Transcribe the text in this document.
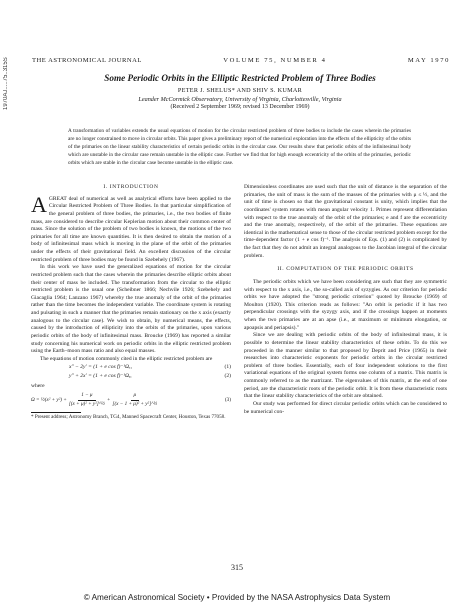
1970AJ.....75..315S	THE ASTRONOMICAL JOURNAL	VOLUME 75, NUMBER 4	MAY 1970
Some Periodic Orbits in the Elliptic Restricted Problem of Three Bodies
PETER J. SHELUS* AND SHIV S. KUMAR
Leander McCormick Observatory, University of Virginia, Charlottesville, Virginia
(Received 2 September 1969; revised 13 December 1969)
A transformation of variables extends the usual equations of motion for the circular restricted problem of three bodies to include the cases wherein the primaries are no longer constrained to move in circular orbits. This paper gives a preliminary report of the numerical exploration into the effects of the ellipticity of the orbits of the primaries on the linear stability characteristics of certain periodic orbits in the circular case. Our results show that periodic orbits of the infinitesimal body which are unstable in the circular case remain unstable in the elliptic case. Further we find that for high enough eccentricity of the orbits of the primaries, periodic orbits which are stable in the circular case become unstable in the elliptic case.
I. INTRODUCTION

AGREAT deal of numerical as well as analytical efforts have been applied to the Circular Restricted Problem of Three Bodies. In that particular simplification of the general problem of three bodies, the primaries, i.e., the two bodies of finite mass, are considered to describe circular Keplerian motion about their common center of mass. Since the solution of the problem of two bodies is known, the motions of the two primaries for all time are known quantities. It is then desired to obtain the motion of a body of infinitesimal mass which is moving in the plane of the orbit of the primaries under the effects of their gravitational field. An excellent discussion of the circular restricted problem of three bodies may be found in Szebehely (1967).

In this work we have used the generalized equations of motion for the circular restricted problem such that the cases wherein the primaries describe elliptic orbits about their center of mass be included. The transformation from the circular to the elliptic restricted problem is the usual one (Scheibner 1866; Nechvile 1926; Szebehely and Giacaglia 1964; Lanzano 1967) whereby the true anomaly of the orbit of the primaries rather than the time becomes the independent variable. The coordinate system is rotating and pulsating in such a manner that the primaries remain stationary on the x axis (exactly analogous to the circular case). We wish to obtain, by numerical means, the effects, caused by the introduction of ellipticity into the orbits of the primaries, upon various periodic orbits of the body of infinitesimal mass. Broucke (1969) has reported a similar study concerning his numerical work on periodic orbits in the elliptic restricted problem using the Earth–moon mass ratio and also equal masses.

The equations of motion commonly cited in the elliptic restricted problem are

x″ − 2y′ = (1 + e cos f)⁻¹Ωₓ,	(1)
y″ + 2x′ = (1 + e cos f)⁻¹Ωᵧ,	(2)

where

Ω = ½(x² + $y^2) + \frac{1 - \mu}{\text{[(x + μ)² + y²]\textasciicircum{}½}} + \frac{\mu}{\text{[(x − 1 + μ)² + y²]\textasciicircum{}½}}$	(3)

* Present address; Astronomy Branch, TG4, Manned Spacecraft Center, Houston, Texas 77058.

Dimensionless coordinates are used such that the unit of distance is the separation of the primaries, the unit of mass is the sum of the masses of the primaries with μ ≤ ½, and the unit of time is chosen so that the gravitational constant is unity, which implies that the coordinates' system rotates with mean angular velocity 1. Primes represent differentiation with respect to the true anomaly of the orbit of the primaries; e and f are the eccentricity and the true anomaly, respectively, of the orbit of the primaries. These equations are identical in the mathematical sense to those of the circular restricted problem except for the time-dependent factor (1 + e cos f)⁻¹. The analysis of Eqs. (1) and (2) is complicated by the fact that they do not admit an integral analogous to the Jacobian integral of the circular problem.

II. COMPUTATION OF THE PERIODIC ORBITS

The periodic orbits which we have been considering are such that they are symmetric with respect to the x axis, i.e., the so-called axis of syzygies. As our criterion for periodic orbits we have adopted the "strong periodic criterion" quoted by Broucke (1969) of Moulton (1920). This criterion reads as follows: "An orbit is periodic if it has two perpendicular crossings with the syzygy axis, and if the crossings happen at moments when the two primaries are at an apse (i.e., at maximum or minimum elongation, or apoapsis and periapsis)."

Since we are dealing with periodic orbits of the body of infinitesimal mass, it is possible to determine the linear stability characteristics of these orbits. To do this we proceeded in the manner similar to that proposed by Deprit and Price (1965) in their researches into characteristic exponents for periodic orbits in the circular restricted problem of three bodies. Essentially, each of four independent solutions to the first variational equations of the original system forms one column of a matrix. This matrix is commonly referred to as the matrizant. The eigenvalues of this matrix, at the end of one period, are the characteristic roots of the periodic orbit. It is from these characteristic roots that the linear stability characteristics of the orbit are obtained.

Our study was performed for direct circular periodic orbits which can be considered to be numerical con-

315
© American Astronomical Society • Provided by the NASA Astrophysics Data System
